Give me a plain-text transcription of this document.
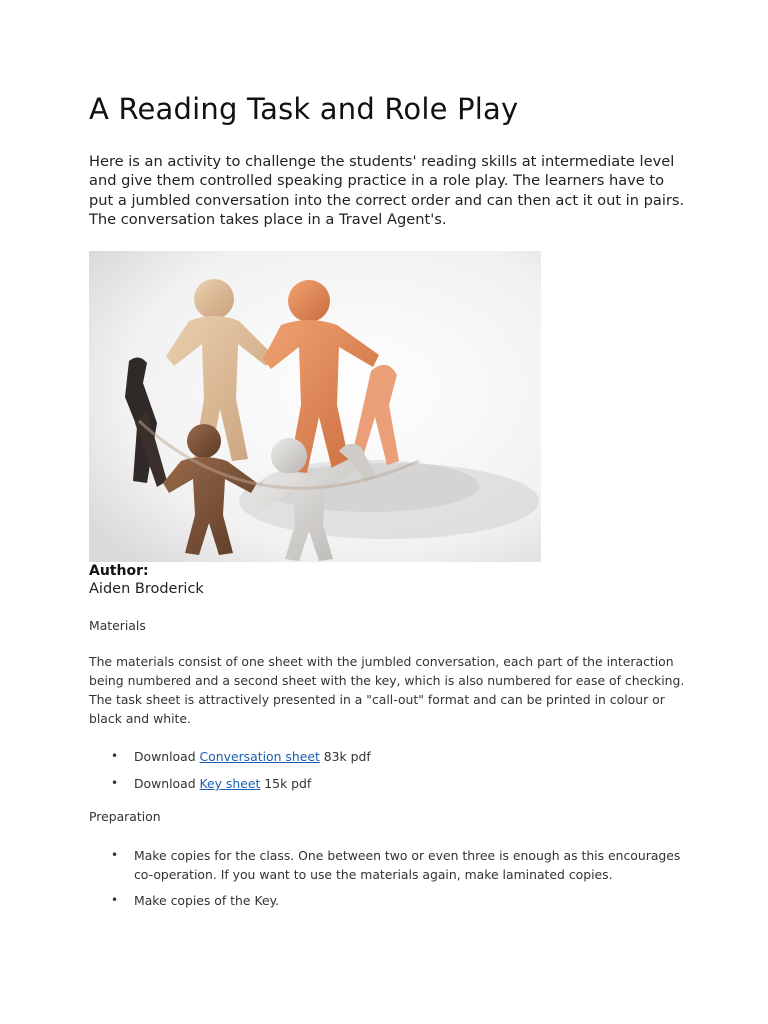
A Reading Task and Role Play

Here is an activity to challenge the students' reading skills at intermediate level and give them controlled speaking practice in a role play. The learners have to put a jumbled conversation into the correct order and can then act it out in pairs. The conversation takes place in a Travel Agent's.

Author:

Aiden Broderick

Materials

The materials consist of one sheet with the jumbled conversation, each part of the interaction being numbered and a second sheet with the key, which is also numbered for ease of checking. The task sheet is attractively presented in a "call-out" format and can be printed in colour or black and white.

• Download Conversation sheet 83k pdf
• Download Key sheet 15k pdf

Preparation

• Make copies for the class. One between two or even three is enough as this encourages co-operation. If you want to use the materials again, make laminated copies.
• Make copies of the Key.
